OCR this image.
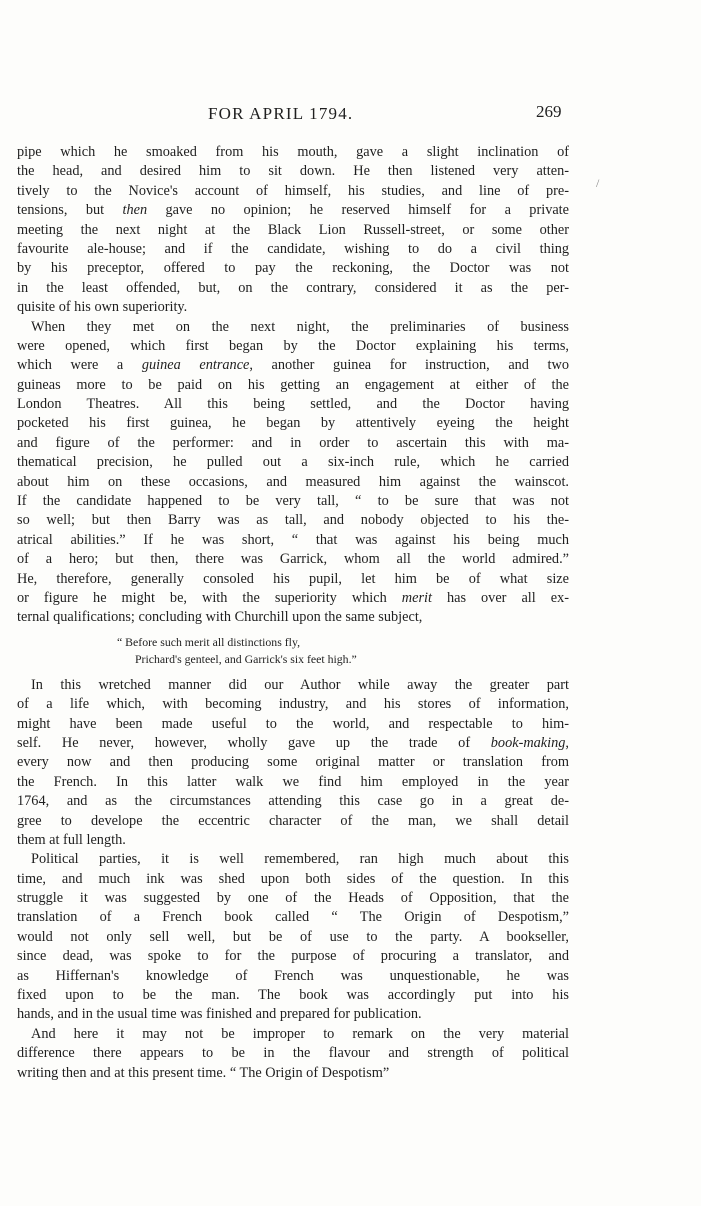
FOR APRIL 1794.	269
/
pipe which he smoaked from his mouth, gave a slight inclination of
the head, and desired him to sit down. He then listened very atten-
tively to the Novice's account of himself, his studies, and line of pre-
tensions, but then gave no opinion; he reserved himself for a private
meeting the next night at the Black Lion Russell-street, or some other
favourite ale-house; and if the candidate, wishing to do a civil thing
by his preceptor, offered to pay the reckoning, the Doctor was not
in the least offended, but, on the contrary, considered it as the per-
quisite of his own superiority.
When they met on the next night, the preliminaries of business
were opened, which first began by the Doctor explaining his terms,
which were a guinea entrance, another guinea for instruction, and two
guineas more to be paid on his getting an engagement at either of the
London Theatres. All this being settled, and the Doctor having
pocketed his first guinea, he began by attentively eyeing the height
and figure of the performer: and in order to ascertain this with ma-
thematical precision, he pulled out a six-inch rule, which he carried
about him on these occasions, and measured him against the wainscot.
If the candidate happened to be very tall, “ to be sure that was not
so well; but then Barry was as tall, and nobody objected to his the-
atrical abilities.” If he was short, “ that was against his being much
of a hero; but then, there was Garrick, whom all the world admired.”
He, therefore, generally consoled his pupil, let him be of what size
or figure he might be, with the superiority which merit has over all ex-
ternal qualifications; concluding with Churchill upon the same subject,
“ Before such merit all distinctions fly,
Prichard's genteel, and Garrick's six feet high.”
In this wretched manner did our Author while away the greater part
of a life which, with becoming industry, and his stores of information,
might have been made useful to the world, and respectable to him-
self. He never, however, wholly gave up the trade of book-making,
every now and then producing some original matter or translation from
the French. In this latter walk we find him employed in the year
1764, and as the circumstances attending this case go in a great de-
gree to develope the eccentric character of the man, we shall detail
them at full length.
Political parties, it is well remembered, ran high much about this
time, and much ink was shed upon both sides of the question. In this
struggle it was suggested by one of the Heads of Opposition, that the
translation of a French book called “ The Origin of Despotism,”
would not only sell well, but be of use to the party. A bookseller,
since dead, was spoke to for the purpose of procuring a translator, and
as Hiffernan's knowledge of French was unquestionable, he was
fixed upon to be the man. The book was accordingly put into his
hands, and in the usual time was finished and prepared for publication.
And here it may not be improper to remark on the very material
difference there appears to be in the flavour and strength of political
writing then and at this present time. “ The Origin of Despotism”
